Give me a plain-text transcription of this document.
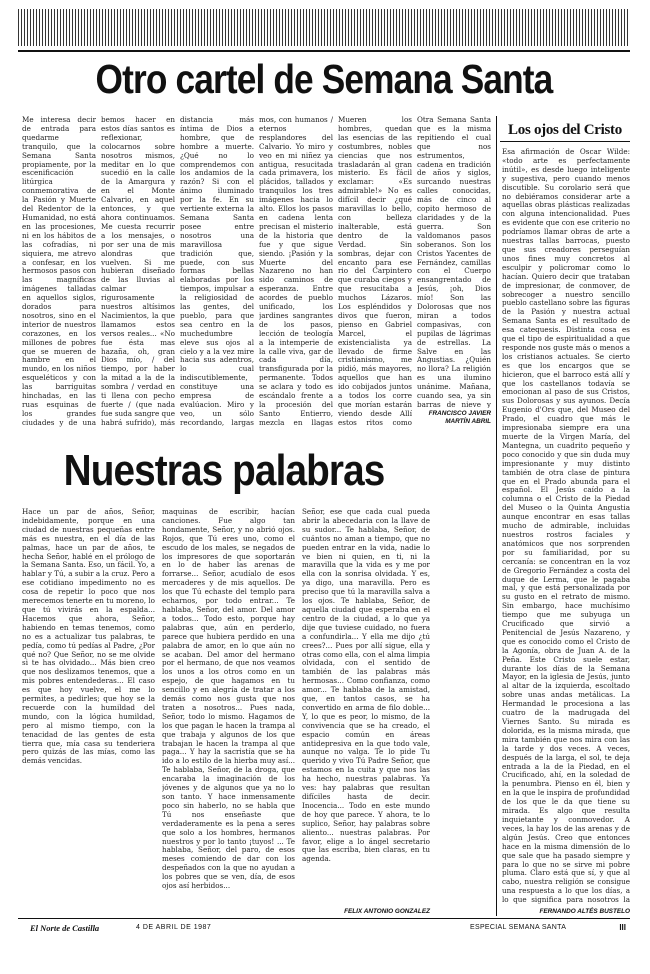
Otro cartel de Semana Santa

Me interesa decir de entrada para quedarme tranquilo, que la Semana Santa propiamente, por la escenificación litúrgica conmemorativa de la Pasión y Muerte del Redentor de la Humanidad, no está en las procesiones, ni en los hábitos de las cofradías, ni siquiera, me atrevo a confesar, en los hermosos pasos con las magníficas imágenes talladas en aquellos siglos, dorados para nosotros, sino en el interior de nuestros corazones, en los millones de pobres que se mueren de hambre en el mundo, en los niños esqueléticos y con las barriguitas hinchadas, en las ruas esquinas de los grandes ciudades y de una

bemos hacer en estos días santos es reflexionar, colocarnos sobre nosotros mismos, meditar en lo que sucedió en la calle de la Amargura y en el Monte Calvario, en aquel entonces, y que ahora continuamos. Me cuesta recurrir a los mensajes, o por ser una de mis alondras que vuelven. Si me hubieran diseñado de las lluvias al calmar rigurosamente nuestros altísimos Nacimientos, la que llamamos estos versos reales... «No fue ésta mas hazaña, oh, gran Dios mío, / del tiempo, por haber la mitad a la de la sombra / verdad en ti llena con pecho fuerte / (que nada fue suda sangre que habrá sufrido), más

distancia más íntima de Dios a hombre, que de hombre a muerte. ¿Qué no lo comprendemos con los andamios de la razón? Si con el ánimo iluminado por la fe. En su vertiente externa la Semana Santa posee entre nosotros una maravillosa tradición que, puede, con sus formas bellas elaboradas por los tiempos, impulsar a la religiosidad de las gentes, del pueblo, para que sea centro en la muchedumbre eleve sus ojos al cielo y a la vez mire hacia sus adentros, lo cual indiscutiblemente, constituye una empresa de evalúacion. Miro y veo, un sólo recordando, largas

mos, con humanos / eternos resplandores del Calvario. Yo miro y veo en mi niñez ya antigua, resucitada cada primavera, los plácidos, tallados y tranquilos los tres imágenes hacia lo alto. Ellos los pasos en cadena lenta precisan el misterio de la historia que fue y que sigue siendo. ¡Pasión y la Muerte del Nazareno no han sido caminos de esperanza. Entre acordes de pueblo unificado, los jardines sangrantes de los pasos, lección de teología a la intemperie de la calle viva, gar de cada día, transfigurada por la permanente. Todos se aclara y todo es escándalo frente a la procesión del Santo Entierro, mezcla en llagas

Mueren los hombres, quedan las esencias de las costumbres, nobles ciencias que nos trasladarán al gran misterio. Es fácil exclamar: «Es admirable!» No es difícil decir ¿qué maravillas lo bello, con belleza inalterable, está dentro de la Verdad. Sin sombras, dejar con encanto para ese rio del Carpintero que curaba ciegos y que resucitaba a muchos Lázaros. Los espléndidos y divos que fueron, pienso en Gabriel Marcel, el existencialista ya llevado de firme cristianismo, me pidió, más mayores, aquellos que han ido cobijados juntos a todos los corre que morían estarán viendo desde Allí estos ritos como

Otra Semana Santa que es la misma repitiendo el cual que nos estrumentos, cadena en tradición de años y siglos, surcando nuestras calles conocidas, más de cinco al copito hermoso de claridades y de la guerra. Son valdomanos pasos soberanos. Son los Cristos Yacentes de Fernández, camillas con el Cuerpo ensangrentado de Jesús, ¡oh, Dios mío! Son las Dolorosas que nos miran a todos compasivas, con pupilas de lágrimas de estrellas. La Salve en las Angustias. ¿Quién no llora? La religión es una ilumino unánime. Mañana, cuando sea, ya sin barras de nieve y

FRANCISCO JAVIER MARTÍN ABRIL
Nuestras palabras

Hace un par de años, Señor, indebidamente, porque en una ciudad de nuestras pequeñas entre más es nuestra, en el día de las palmas, hace un par de años, te hecha Señor, hablé en el prólogo de la Semana Santa. Eso, un fácil. Yo, a hablar y Tú, a subir a la cruz. Pero a ese cotidiano impedimento no es cosa de repetir lo poco que nos merecemos tenerte en tu moreno, lo que tú vivirás en la espalda... Hacemos que ahora, Señor, habiendo en temas tenemos, como no es a actualizar tus palabras, te pedía, como tú pedías al Padre, ¿Por qué no? Que Señor, no se me olvide si te has olvidado... Más bien creo que nos deslizamos tenemos, que a mis pobres entendederas... El caso es que hoy vuelve, el me lo permites, a pedirles; que hoy se la recuerde con la humildad del mundo, con la lógica humildad, pero al mismo tiempo, con la tenacidad de las gentes de esta tierra que, mía casa su tenderiera pero quizás de las mías, como las demás vencidas.

maquinas de escribir, hacían canciones. Fue algo tan hondamente, Señor, y no abrió ojos. Rojos, que Tú eres uno, como el escudo de los males, se negados de los impresores de que soportarán en lo de haber las arenas de forrarse... Señor, acudíalo de esos mercaderes y de mis aquellos. De los que Tú echaste del templo para echarnos, por todo entrar... Te hablaba, Señor, del amor. Del amor a todos... Todo esto, porque hay palabras que, aún en perderlo, parece que hubiera perdido en una palabra de amor, en lo que aún no se acaban. Del amor del hermano por el hermano, de que nos veamos los unos a los otros como en un espejo, de que hagamos en tu sencillo y en alegría de tratar a los demás como nos gusta que nos traten a nosotros... Pues nada, Señor, todo lo mismo. Hagamos de los que pagan le hacen la trampa al que trabaja y algunos de los que trabajan le hacen la trampa al que paga... Y hay la sacristía que se ha ido a lo estilo de la hierba muy así... Te hablaba, Señor, de la droga, que encaraba la imaginación de los jóvenes y de algunos que ya no lo son tanto. Y hace inmensamente poco sin haberlo, no se habla que Tú nos enseñaste que verdaderamente es la pena a seres que solo a los hombres, hermanos nuestros y por lo tanto ¡tuyos! ... Te hablaba, Señor, del paro, de esos meses comiendo de dar con los despeñados con la que no ayudan a los pobres que se ven, día, de esos ojos así herbidos...

Señor, ese que cada cual pueda abrir la abecedaria con la llave de su sudor... Te hablaba, Señor, de cuántos no aman a tiempo, que no pueden entrar en la vida, nadie lo ve bien ni quien, en ti, ni la maravilla que la vida es y me por ella con la sonrisa olvidada. Y es, ya digo, una maravilla. Pero es preciso que tú la maravilla salva a los ojos. Te hablaba, Señor, de aquella ciudad que esperaba en el centro de la ciudad, a lo que ya dije que tuviese cuidado, no fuera a confundirla... Y ella me dijo ¿tú crees?... Pues por allí sigue, ella y otras como ella, con el alma limpia olvidada, con el sentido de también de las palabras más hermosas... Como confianza, como amor... Te hablaba de la amistad, que, en tantos casos, se ha convertido en arma de filo doble... Y, lo que es peor, lo mismo, de la convivencia que se ha creado, el espacio común en áreas antidepresiva en la que todo vale, aunque no valga. Te lo pide Tu querido y vivo Tú Padre Señor, que estamos en la cuita y que nos las ha hecho, nuestras palabras. Ya ves: hay palabras que resultan difíciles hasta de decir. Inocencia... Todo en este mundo de hoy que parece. Y ahora, te lo suplico, Señor, hay palabras sobre aliento... nuestras palabras. Por favor, elige a lo ángel secretario que las escriba, bien claras, en tu agenda.

FELIX ANTONIO GONZALEZ
Los ojos del Cristo

Esa afirmación de Oscar Wilde: «todo arte es perfectamente inútil», es desde luego inteligente y sugestiva, pero cuando menos discutible. Su corolario será que no debiéramos considerar arte a aquellas obras plásticas realizadas con alguna intencionalidad. Pues es evidente que con ese criterio no podríamos llamar obras de arte a nuestras tallas barrocas, puesto que sus creadores perseguían unos fines muy concretos al esculpir y policromar como lo hacían. Quiero decir que trataban de impresionar, de conmover, de sobrecoger a nuestro sencillo pueblo castellano sobre las figuras de la Pasión y nuestra actual Semana Santa es el resultado de esa catequesis. Distinta cosa es que el tipo de espiritualidad a que responde nos guste más o menos a los cristianos actuales. Se cierto es que los encargos que se hicieron, que el barroco está allí y que los castellanos todavía se emocionan al paso de sus Cristos, sus Dolorosas y sus ayunos. Decía Eugenio d'Ors que, del Museo del Prado, el cuadro que más le impresionaba siempre era una muerte de la Virgen María, del Mantegna, un cuadrito pequeño y poco conocido y que sin duda muy impresionante y muy distinto también de otra clase de pintura que en el Prado abunda para el español. El Jesús caído a la columna o el Cristo de la Piedad del Museo o la Quinta Angustia aunque encontrar en esas tallas mucho de admirable, incluidas nuestros rostros faciales y anatómicos que nos sorprenden por su familiaridad, por su cercanía: se concentran en la voz de Gregorio Fernández a costa del duque de Lerma, que le pagaba mal, y que está personalizada por su gusto en el retrato de mismo. Sin embargo, hace muchísimo tiempo que me subyuga un Crucificado que sirvió a Penitencial de Jesús Nazareno, y que es conocido como el Cristo de la Agonía, obra de Juan A. de la Peña. Este Cristo suele estar, durante los días de la Semana Mayor, en la iglesia de Jesús, junto al altar de la izquierda, escoltado sobre unas andas metálicas. La Hermandad le procesiona a las cuatro de la madrugada del Viernes Santo. Su mirada es dolorida, es la misma mirada, que mira también que nos mira con las la tarde y dos veces. A veces, después de la larga, el sol, te deja entrada a la de la Piedad, en el Crucificado, ahí, en la soledad de la penumbra. Pienso en él, bien y en la que le inspira de profundidad de los que le da que tiene su mirada. Es algo que resulta inquietante y conmovedor. A veces, la hay los de las arenas y de algún Jesús. Creo que entonces hace en la misma dimensión de lo que sale que ha pasado siempre y para lo que no se sirve mi pobre pluma. Claro está que sí, y que al cabo, nuestra religión se consigue una respuesta a lo que los días, a lo que significa para nosotros la

FERNANDO ALTÉS BUSTELO
El Norte de Castilla	4 DE ABRIL DE 1987	ESPECIAL SEMANA SANTA	III
